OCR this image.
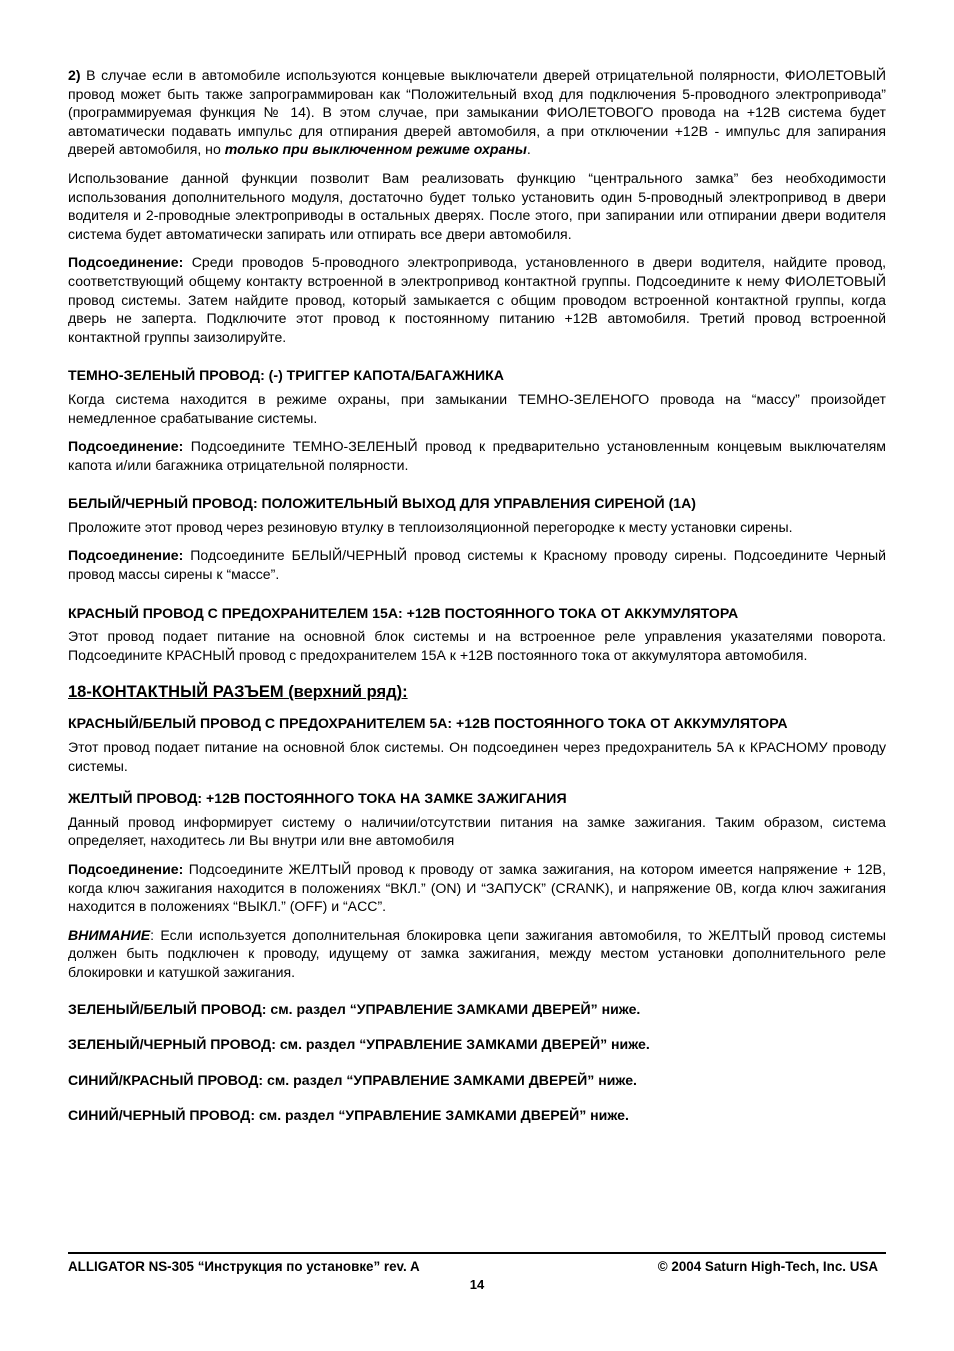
2) В случае если в автомобиле используются концевые выключатели дверей отрицательной полярности, ФИОЛЕТОВЫЙ провод может быть также запрограммирован как “Положительный вход для подключения 5-проводного электропривода” (программируемая функция № 14). В этом случае, при замыкании ФИОЛЕТОВОГО провода на +12В система будет автоматически подавать импульс для отпирания дверей автомобиля, а при отключении +12В - импульс для запирания дверей автомобиля, но только при выключенном режиме охраны.

Использование данной функции позволит Вам реализовать функцию “центрального замка” без необходимости использования дополнительного модуля, достаточно будет только установить один 5-проводный электропривод в двери водителя и 2-проводные электроприводы в остальных дверях. После этого, при запирании или отпирании двери водителя система будет автоматически запирать или отпирать все двери автомобиля.

Подсоединение: Среди проводов 5-проводного электропривода, установленного в двери водителя, найдите провод, соответствующий общему контакту встроенной в электропривод контактной группы. Подсоедините к нему ФИОЛЕТОВЫЙ провод системы. Затем найдите провод, который замыкается с общим проводом встроенной контактной группы, когда дверь не заперта. Подключите этот провод к постоянному питанию +12В автомобиля. Третий провод встроенной контактной группы заизолируйте.

ТЕМНО-ЗЕЛЕНЫЙ ПРОВОД: (-) ТРИГГЕР КАПОТА/БАГАЖНИКА

Когда система находится в режиме охраны, при замыкании ТЕМНО-ЗЕЛЕНОГО провода на “массу” произойдет немедленное срабатывание системы.

Подсоединение: Подсоедините ТЕМНО-ЗЕЛЕНЫЙ провод к предварительно установленным концевым выключателям капота и/или багажника отрицательной полярности.

БЕЛЫЙ/ЧЕРНЫЙ ПРОВОД: ПОЛОЖИТЕЛЬНЫЙ ВЫХОД ДЛЯ УПРАВЛЕНИЯ СИРЕНОЙ (1А)

Проложите этот провод через резиновую втулку в теплоизоляционной перегородке к месту установки сирены.

Подсоединение: Подсоедините БЕЛЫЙ/ЧЕРНЫЙ провод системы к Красному проводу сирены. Подсоедините Черный провод массы сирены к “массе”.

КРАСНЫЙ ПРОВОД С ПРЕДОХРАНИТЕЛЕМ 15А: +12В ПОСТОЯННОГО ТОКА ОТ АККУМУЛЯТОРА

Этот провод подает питание на основной блок системы и на встроенное реле управления указателями поворота. Подсоедините КРАСНЫЙ провод с предохранителем 15А к +12В постоянного тока от аккумулятора автомобиля.

18-КОНТАКТНЫЙ РАЗЪЕМ (верхний ряд):
КРАСНЫЙ/БЕЛЫЙ ПРОВОД С ПРЕДОХРАНИТЕЛЕМ 5А: +12В ПОСТОЯННОГО ТОКА ОТ АККУМУЛЯТОРА

Этот провод подает питание на основной блок системы. Он подсоединен через предохранитель 5А к КРАСНОМУ проводу системы.

ЖЕЛТЫЙ ПРОВОД: +12В ПОСТОЯННОГО ТОКА НА ЗАМКЕ ЗАЖИГАНИЯ

Данный провод информирует систему о наличии/отсутствии питания на замке зажигания. Таким образом, система определяет, находитесь ли Вы внутри или вне автомобиля

Подсоединение: Подсоедините ЖЕЛТЫЙ провод к проводу от замка зажигания, на котором имеется напряжение + 12В, когда ключ зажигания находится в положениях “ВКЛ.” (ON) И “ЗАПУСК” (CRANK), и напряжение 0В, когда ключ зажигания находится в положениях “ВЫКЛ.” (OFF) и “ACC”.

ВНИМАНИЕ: Если используется дополнительная блокировка цепи зажигания автомобиля, то ЖЕЛТЫЙ провод системы должен быть подключен к проводу, идущему от замка зажигания, между местом установки дополнительного реле блокировки и катушкой зажигания.

ЗЕЛЕНЫЙ/БЕЛЫЙ ПРОВОД: см. раздел “УПРАВЛЕНИЕ ЗАМКАМИ ДВЕРЕЙ” ниже.
ЗЕЛЕНЫЙ/ЧЕРНЫЙ ПРОВОД: см. раздел “УПРАВЛЕНИЕ ЗАМКАМИ ДВЕРЕЙ” ниже.
СИНИЙ/КРАСНЫЙ ПРОВОД: см. раздел “УПРАВЛЕНИЕ ЗАМКАМИ ДВЕРЕЙ” ниже.
СИНИЙ/ЧЕРНЫЙ ПРОВОД: см. раздел “УПРАВЛЕНИЕ ЗАМКАМИ ДВЕРЕЙ” ниже.
ALLIGATOR NS-305 “Инструкция по установке” rev. A	© 2004 Saturn High-Tech, Inc. USA
14
